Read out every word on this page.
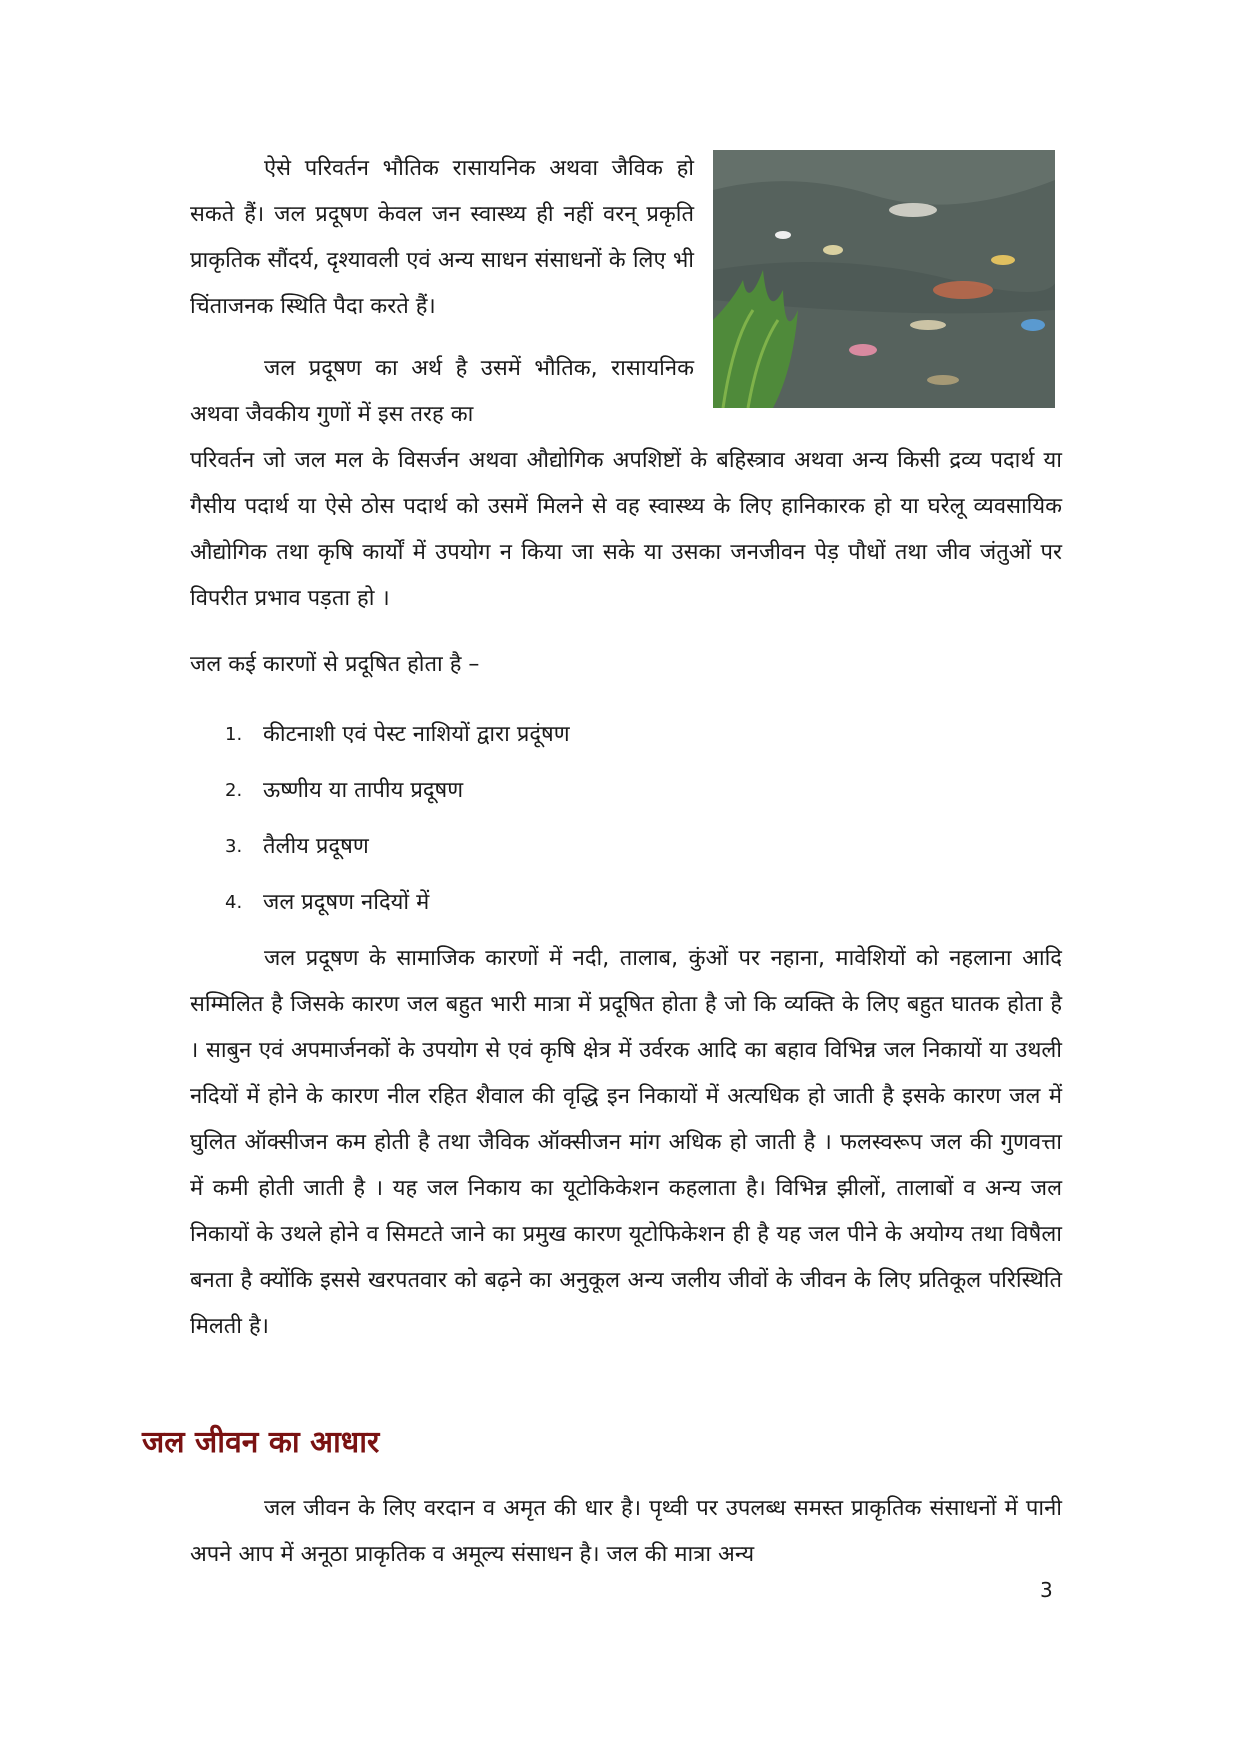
ऐसे परिवर्तन भौतिक रासायनिक अथवा जैविक हो सकते हैं। जल प्रदूषण केवल जन स्वास्थ्य ही नहीं वरन् प्रकृति प्राकृतिक सौंदर्य, दृश्यावली एवं अन्य साधन संसाधनों के लिए भी चिंताजनक स्थिति पैदा करते हैं।

जल प्रदूषण का अर्थ है उसमें भौतिक, रासायनिक अथवा जैवकीय गुणों में इस तरह का

परिवर्तन जो जल मल के विसर्जन अथवा औद्योगिक अपशिष्टों के बहिस्त्राव अथवा अन्य किसी द्रव्य पदार्थ या गैसीय पदार्थ या ऐसे ठोस पदार्थ को उसमें मिलने से वह स्वास्थ्य के लिए हानिकारक हो या घरेलू व्यवसायिक औद्योगिक तथा कृषि कार्यों में उपयोग न किया जा सके या उसका जनजीवन पेड़ पौधों तथा जीव जंतुओं पर विपरीत प्रभाव पड़ता हो ।

जल कई कारणों से प्रदूषित होता है –

1. कीटनाशी एवं पेस्ट नाशियों द्वारा प्रदूंषण
2. ऊष्णीय या तापीय प्रदूषण
3. तैलीय प्रदूषण
4. जल प्रदूषण नदियों में

जल प्रदूषण के सामाजिक कारणों में नदी, तालाब, कुंओं पर नहाना, मावेशियों को नहलाना आदि सम्मिलित है जिसके कारण जल बहुत भारी मात्रा में प्रदूषित होता है जो कि व्यक्ति के लिए बहुत घातक होता है । साबुन एवं अपमार्जनकों के उपयोग से एवं कृषि क्षेत्र में उर्वरक आदि का बहाव विभिन्न जल निकायों या उथली नदियों में होने के कारण नील रहित शैवाल की वृद्धि इन निकायों में अत्यधिक हो जाती है इसके कारण जल में घुलित ऑक्सीजन कम होती है तथा जैविक ऑक्सीजन मांग अधिक हो जाती है । फलस्वरूप जल की गुणवत्ता में कमी होती जाती है । यह जल निकाय का यूटोकिकेशन कहलाता है। विभिन्न झीलों, तालाबों व अन्य जल निकायों के उथले होने व सिमटते जाने का प्रमुख कारण यूटोफिकेशन ही है यह जल पीने के अयोग्य तथा विषैला बनता है क्योंकि इससे खरपतवार को बढ़ने का अनुकूल अन्य जलीय जीवों के जीवन के लिए प्रतिकूल परिस्थिति मिलती है।

जल जीवन का आधार

जल जीवन के लिए वरदान व अमृत की धार है। पृथ्वी पर उपलब्ध समस्त प्राकृतिक संसाधनों में पानी अपने आप में अनूठा प्राकृतिक व अमूल्य संसाधन है। जल की मात्रा अन्य

3
